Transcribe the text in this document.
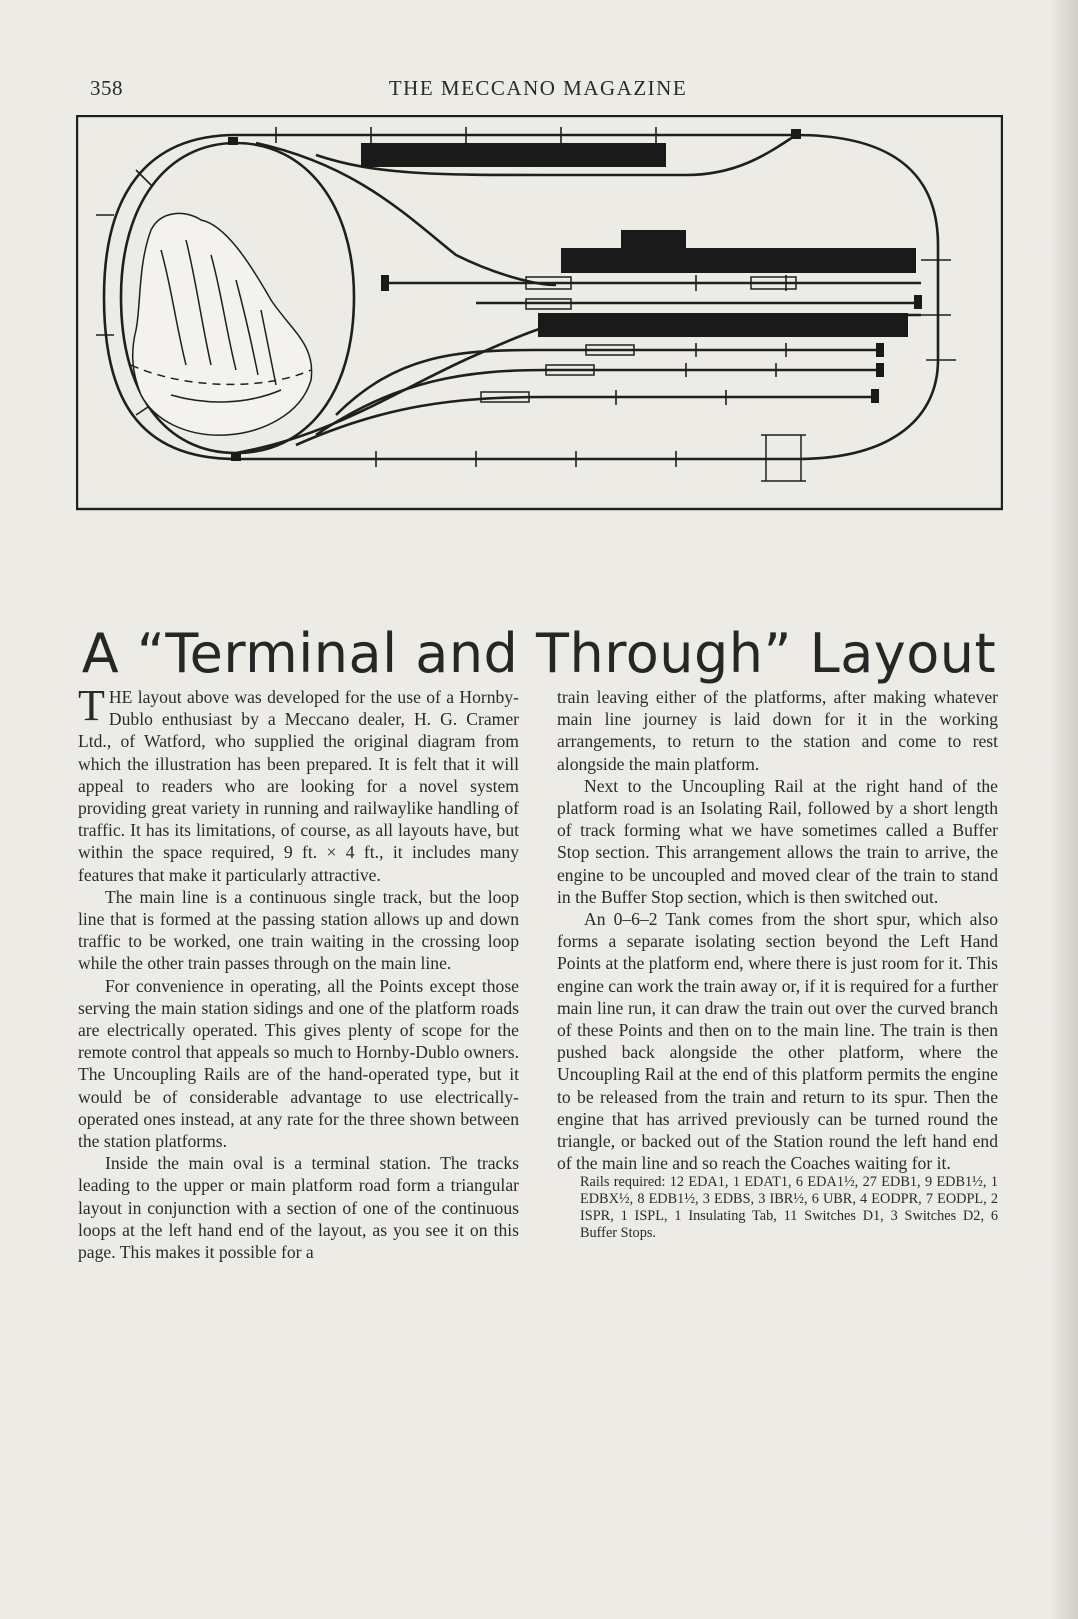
358	THE MECCANO MAGAZINE
A “Terminal and Through” Layout

THE layout above was developed for the use of a Hornby-Dublo enthusiast by a Meccano dealer, H. G. Cramer Ltd., of Watford, who supplied the original diagram from which the illustration has been prepared. It is felt that it will appeal to readers who are looking for a novel system providing great variety in running and railwaylike handling of traffic. It has its limitations, of course, as all layouts have, but within the space required, 9 ft. × 4 ft., it includes many features that make it particularly attractive.

The main line is a continuous single track, but the loop line that is formed at the passing station allows up and down traffic to be worked, one train waiting in the crossing loop while the other train passes through on the main line.

For convenience in operating, all the Points except those serving the main station sidings and one of the platform roads are electrically operated. This gives plenty of scope for the remote control that appeals so much to Hornby-Dublo owners. The Uncoupling Rails are of the hand-operated type, but it would be of considerable advantage to use electrically-operated ones instead, at any rate for the three shown between the station platforms.

Inside the main oval is a terminal station. The tracks leading to the upper or main platform road form a triangular layout in conjunction with a section of one of the continuous loops at the left hand end of the layout, as you see it on this page. This makes it possible for a

train leaving either of the platforms, after making whatever main line journey is laid down for it in the working arrangements, to return to the station and come to rest alongside the main platform.

Next to the Uncoupling Rail at the right hand of the platform road is an Isolating Rail, followed by a short length of track forming what we have sometimes called a Buffer Stop section. This arrangement allows the train to arrive, the engine to be uncoupled and moved clear of the train to stand in the Buffer Stop section, which is then switched out.

An 0–6–2 Tank comes from the short spur, which also forms a separate isolating section beyond the Left Hand Points at the platform end, where there is just room for it. This engine can work the train away or, if it is required for a further main line run, it can draw the train out over the curved branch of these Points and then on to the main line. The train is then pushed back alongside the other platform, where the Uncoupling Rail at the end of this platform permits the engine to be released from the train and return to its spur. Then the engine that has arrived previously can be turned round the triangle, or backed out of the Station round the left hand end of the main line and so reach the Coaches waiting for it.

Rails required: 12 EDA1, 1 EDAT1, 6 EDA1½, 27 EDB1, 9 EDB1½, 1 EDBX½, 8 EDB1½, 3 EDBS, 3 IBR½, 6 UBR, 4 EODPR, 7 EODPL, 2 ISPR, 1 ISPL, 1 Insulating Tab, 11 Switches D1, 3 Switches D2, 6 Buffer Stops.
